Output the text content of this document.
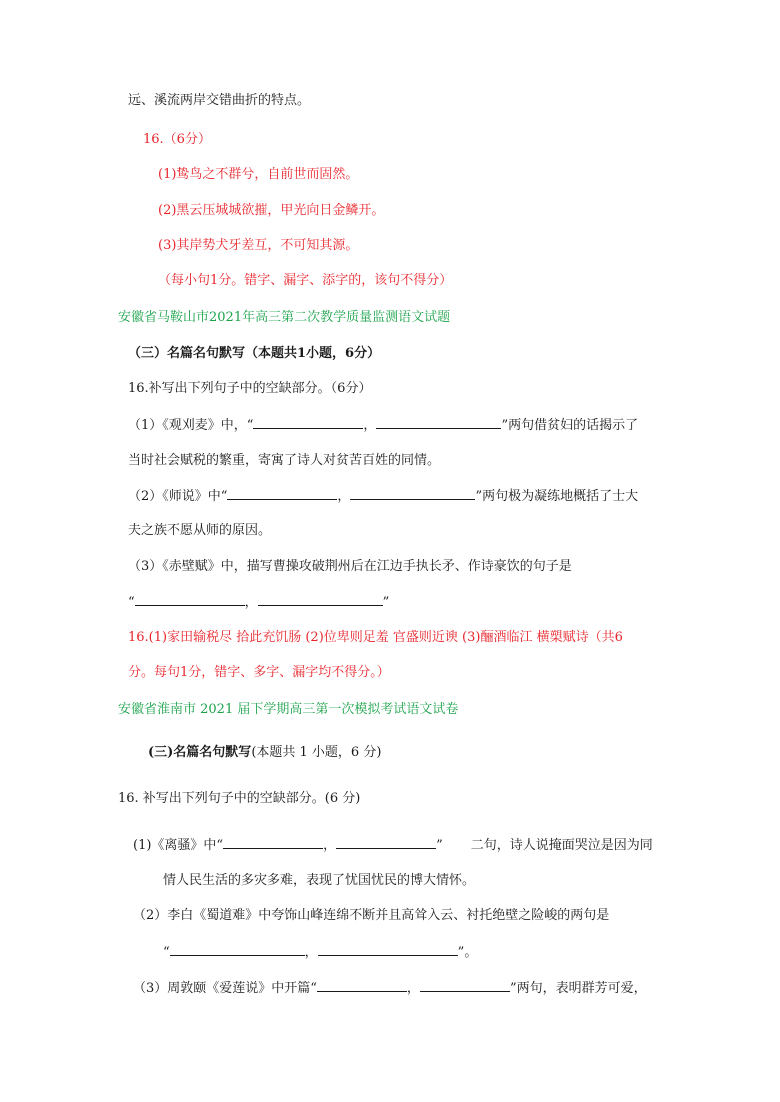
远、溪流两岸交错曲折的特点。
16.（6分）
(1)鸷鸟之不群兮，自前世而固然。
(2)黑云压城城欲摧，甲光向日金鳞开。
(3)其岸势犬牙差互，不可知其源。
（每小句1分。错字、漏字、添字的，该句不得分）
安徽省马鞍山市2021年高三第二次教学质量监测语文试题
（三）名篇名句默写（本题共1小题，6分）
16.补写出下列句子中的空缺部分。（6分）
（1）《观刈麦》中，“	，	”两句借贫妇的话揭示了
当时社会赋税的繁重，寄寓了诗人对贫苦百姓的同情。
（2）《师说》中“	，	”两句极为凝练地概括了士大
夫之族不愿从师的原因。
（3）《赤壁赋》中，描写曹操攻破荆州后在江边手执长矛、作诗豪饮的句子是
“	，	”
16.(1)家田输税尽 拾此充饥肠 (2)位卑则足羞 官盛则近谀 (3)酾酒临江 横槊赋诗（共6
分。每句1分，错字、多字、漏字均不得分。）
安徽省淮南市 2021 届下学期高三第一次模拟考试语文试卷
(三)名篇名句默写(本题共 1 小题，6 分)
16. 补写出下列句子中的空缺部分。(6 分)
(1)《离骚》中“	，	” 二句，诗人说掩面哭泣是因为同
情人民生活的多灾多难，表现了忧国忧民的博大情怀。
（2）李白《蜀道难》中夸饰山峰连绵不断并且高耸入云、衬托绝壁之险峻的两句是
“	，	”。
（3）周敦颐《爱莲说》中开篇“	，	”两句，表明群芳可爱，
